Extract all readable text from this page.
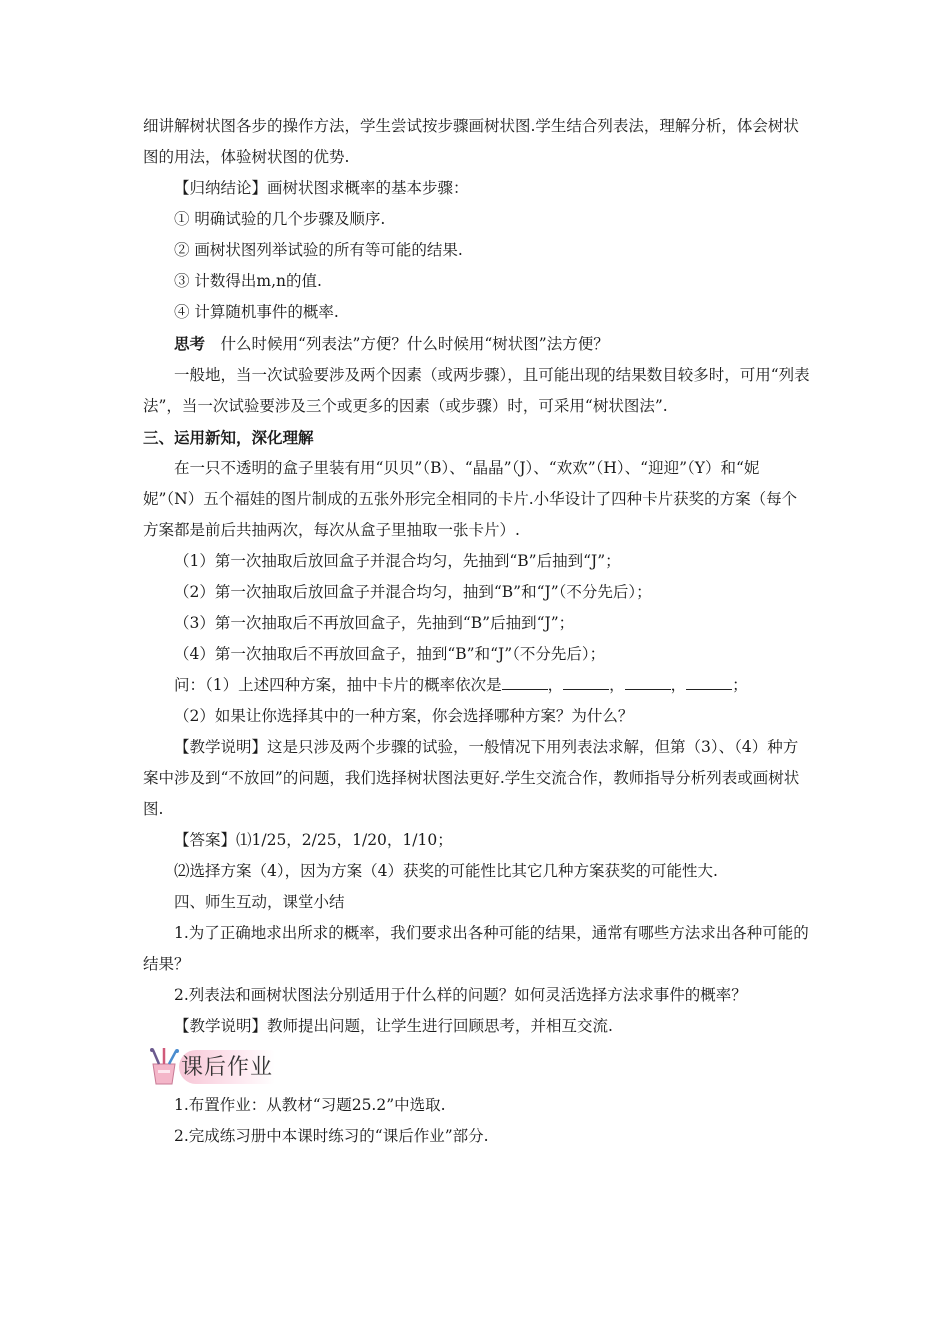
细讲解树状图各步的操作方法，学生尝试按步骤画树状图.学生结合列表法，理解分析，体会树状图的用法，体验树状图的优势.

【归纳结论】画树状图求概率的基本步骤：

① 明确试验的几个步骤及顺序.

② 画树状图列举试验的所有等可能的结果.

③ 计数得出m,n的值.

④ 计算随机事件的概率.

思考　什么时候用“列表法”方便？什么时候用“树状图”法方便？

一般地，当一次试验要涉及两个因素（或两步骤），且可能出现的结果数目较多时，可用“列表法”，当一次试验要涉及三个或更多的因素（或步骤）时，可采用“树状图法”.

三、运用新知，深化理解

在一只不透明的盒子里装有用“贝贝”（B）、“晶晶”（J）、“欢欢”（H）、“迎迎”（Y）和“妮妮”（N）五个福娃的图片制成的五张外形完全相同的卡片.小华设计了四种卡片获奖的方案（每个方案都是前后共抽两次，每次从盒子里抽取一张卡片）.

（1）第一次抽取后放回盒子并混合均匀，先抽到“B”后抽到“J”；

（2）第一次抽取后放回盒子并混合均匀，抽到“B”和“J”（不分先后）；

（3）第一次抽取后不再放回盒子，先抽到“B”后抽到“J”；

（4）第一次抽取后不再放回盒子，抽到“B”和“J”（不分先后）；

问：（1）上述四种方案，抽中卡片的概率依次是	，	，	，	；

（2）如果让你选择其中的一种方案，你会选择哪种方案？为什么？

【教学说明】这是只涉及两个步骤的试验，一般情况下用列表法求解，但第（3）、（4）种方案中涉及到“不放回”的问题，我们选择树状图法更好.学生交流合作，教师指导分析列表或画树状图.

【答案】⑴1/25，2/25，1/20，1/10；

⑵选择方案（4），因为方案（4）获奖的可能性比其它几种方案获奖的可能性大.

四、师生互动，课堂小结

1.为了正确地求出所求的概率，我们要求出各种可能的结果，通常有哪些方法求出各种可能的结果？

2.列表法和画树状图法分别适用于什么样的问题？如何灵活选择方法求事件的概率？

【教学说明】教师提出问题，让学生进行回顾思考，并相互交流.

课后作业

1.布置作业：从教材“习题25.2”中选取.

2.完成练习册中本课时练习的“课后作业”部分.
